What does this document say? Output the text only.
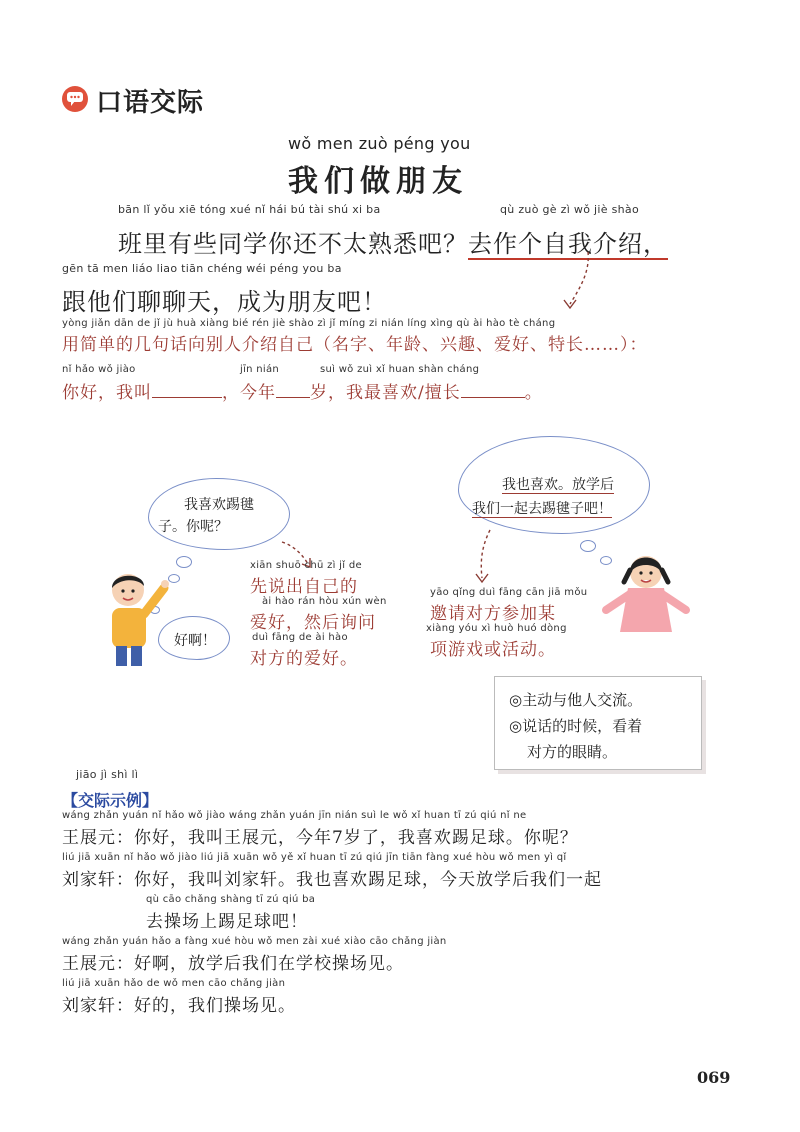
口语交际
wǒ men zuò péng you
我们做朋友
bān lǐ yǒu xiē tóng xué nǐ hái bú tài shú xi ba	qù zuò gè zì wǒ jiè shào
班里有些同学你还不太熟悉吧？去作个自我介绍，
gēn tā men liáo liao tiān chéng wéi péng you ba
跟他们聊聊天，成为朋友吧！
yòng jiǎn dān de jǐ jù huà xiàng bié rén jiè shào zì jǐ míng zi nián líng xìng qù ài hào tè cháng
用简单的几句话向别人介绍自己（名字、年龄、兴趣、爱好、特长……）：
nǐ hǎo wǒ jiào	jīn nián	suì wǒ zuì xǐ huan shàn cháng
你好，我叫	，今年 岁，我最喜欢/擅长	。
我喜欢踢毽
子。你呢？
好啊！
xiān shuō chū zì jǐ de
先说出自己的
ài hào rán hòu xún wèn
爱好，然后询问
duì fāng de ài hào
对方的爱好。
我也喜欢。放学后
我们一起去踢毽子吧！
yāo qǐng duì fāng cān jiā mǒu
邀请对方参加某
xiàng yóu xì huò huó dòng
项游戏或活动。
◎主动与他人交流。
◎说话的时候，看着
对方的眼睛。
jiāo jì shì lì
【交际示例】
wáng zhǎn yuán nǐ hǎo wǒ jiào wáng zhǎn yuán jīn nián suì le wǒ xǐ huan tī zú qiú nǐ ne
王展元：你好，我叫王展元，今年7岁了，我喜欢踢足球。你呢？
liú jiā xuān nǐ hǎo wǒ jiào liú jiā xuān wǒ yě xǐ huan tī zú qiú jīn tiān fàng xué hòu wǒ men yì qǐ
刘家轩：你好，我叫刘家轩。我也喜欢踢足球，今天放学后我们一起
qù cāo chǎng shàng tī zú qiú ba
去操场上踢足球吧！
wáng zhǎn yuán hǎo a fàng xué hòu wǒ men zài xué xiào cāo chǎng jiàn
王展元：好啊，放学后我们在学校操场见。
liú jiā xuān hǎo de wǒ men cāo chǎng jiàn
刘家轩：好的，我们操场见。
069
